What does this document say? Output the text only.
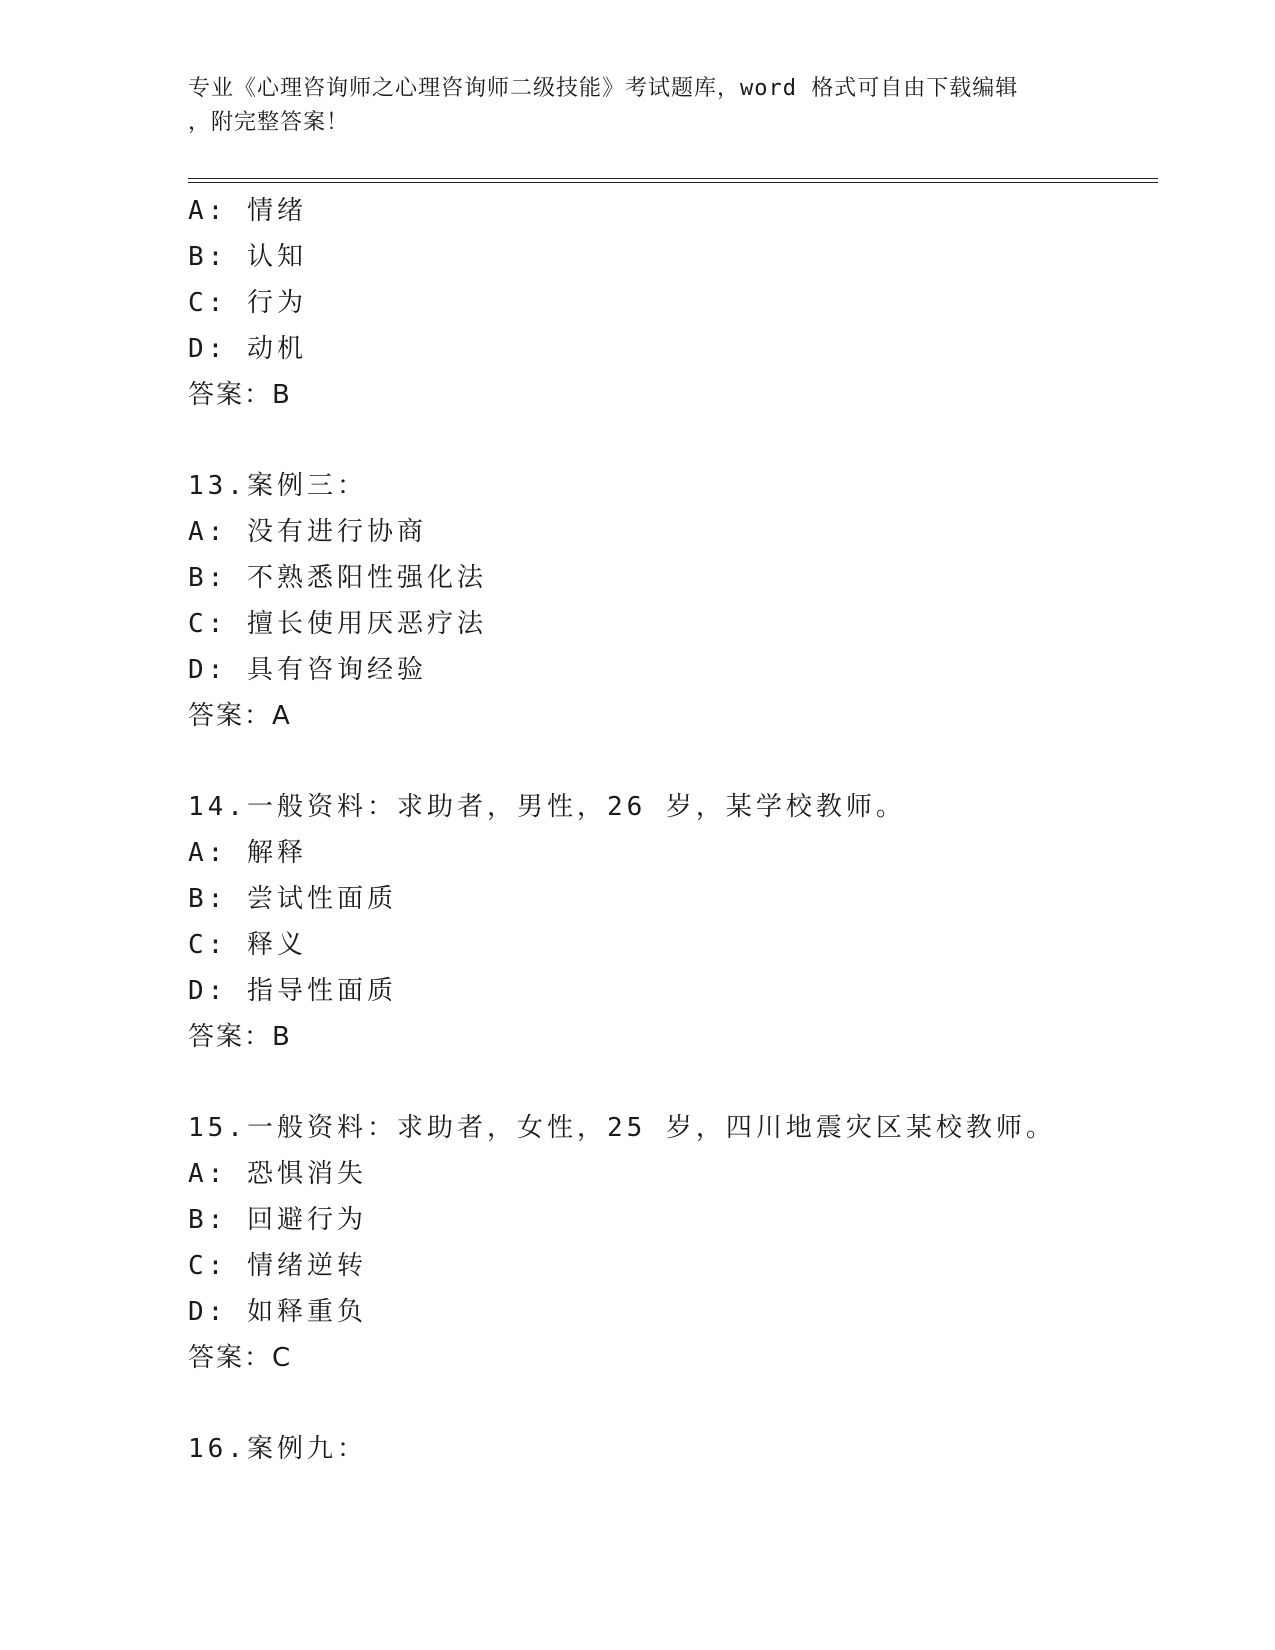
专业《心理咨询师之心理咨询师二级技能》考试题库，word 格式可自由下载编辑
，附完整答案！
A: 情绪
B: 认知
C: 行为
D: 动机
答案：B
13.案例三：
A: 没有进行协商
B: 不熟悉阳性强化法
C: 擅长使用厌恶疗法
D: 具有咨询经验
答案：A
14.一般资料：求助者，男性，26 岁，某学校教师。
A: 解释
B: 尝试性面质
C: 释义
D: 指导性面质
答案：B
15.一般资料：求助者，女性，25 岁，四川地震灾区某校教师。
A: 恐惧消失
B: 回避行为
C: 情绪逆转
D: 如释重负
答案：C
16.案例九：
